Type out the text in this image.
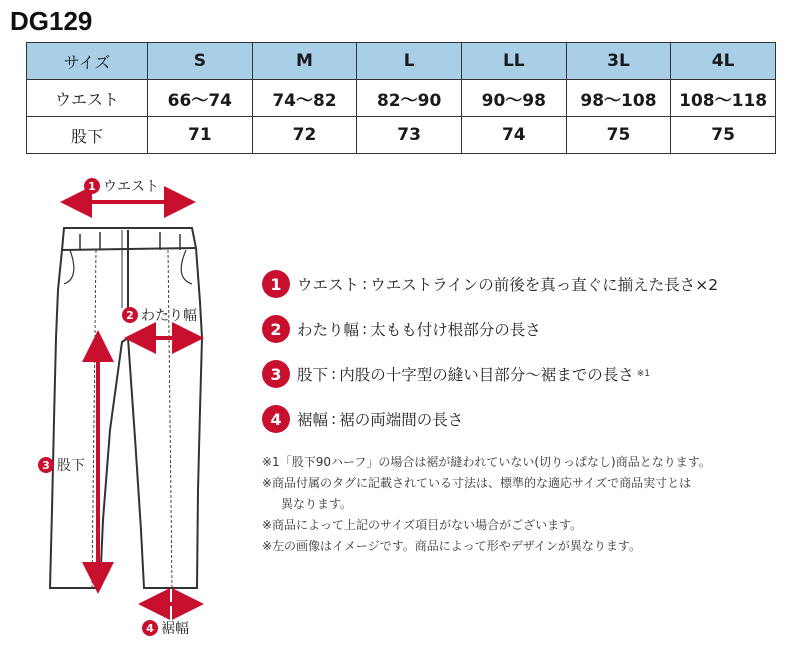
DG129
サイズ	S	M	L	LL	3L	4L
ウエスト	66〜74	74〜82	82〜90	90〜98	98〜108	108〜118
股下	71	72	73	74	75	75
1 ウエスト
2 わたり幅
3 股下
4 裾幅
1 ウエスト : ウエストラインの前後を真っ直ぐに揃えた長さ×2
2 わたり幅 : 太もも付け根部分の長さ
3 股下 : 内股の十字型の縫い目部分〜裾までの長さ ※1
4 裾幅 : 裾の両端間の長さ
※1「股下90ハーフ」の場合は裾が縫われていない(切りっぱなし)商品となります。
※商品付属のタグに記載されている寸法は、標準的な適応サイズで商品実寸とは
異なります。
※商品によって上記のサイズ項目がない場合がございます。
※左の画像はイメージです。商品によって形やデザインが異なります。
